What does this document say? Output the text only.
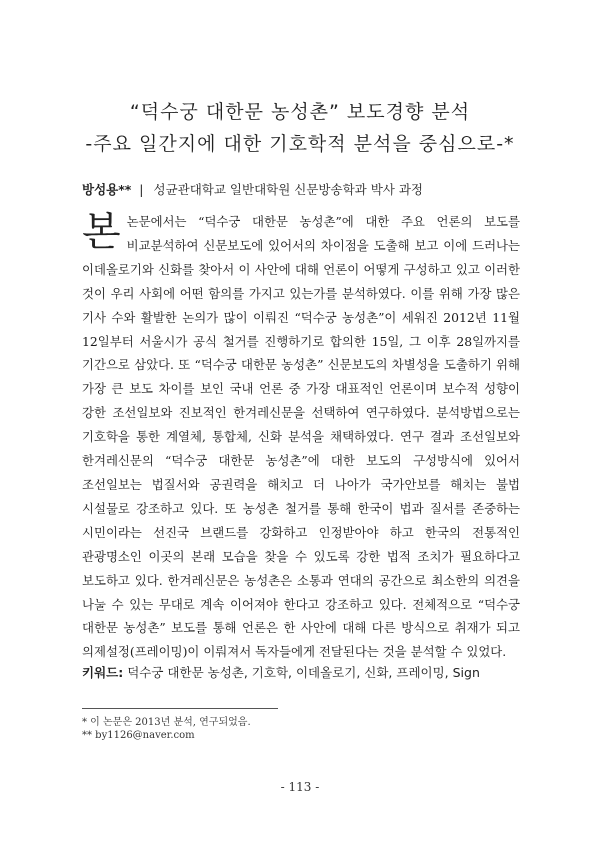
“덕수궁 대한문 농성촌” 보도경향 분석
-주요 일간지에 대한 기호학적 분석을 중심으로-*
방성용** | 성균관대학교 일반대학원 신문방송학과 박사 과정
본 논문에서는 “덕수궁 대한문 농성촌”에 대한 주요 언론의 보도를 비교분석하여 신문보도에 있어서의 차이점을 도출해 보고 이에 드러나는 이데올로기와 신화를 찾아서 이 사안에 대해 언론이 어떻게 구성하고 있고 이러한 것이 우리 사회에 어떤 함의를 가지고 있는가를 분석하였다. 이를 위해 가장 많은 기사 수와 활발한 논의가 많이 이뤄진 “덕수궁 농성촌”이 세워진 2012년 11월 12일부터 서울시가 공식 철거를 진행하기로 합의한 15일, 그 이후 28일까지를 기간으로 삼았다. 또 “덕수궁 대한문 농성촌” 신문보도의 차별성을 도출하기 위해 가장 큰 보도 차이를 보인 국내 언론 중 가장 대표적인 언론이며 보수적 성향이 강한 조선일보와 진보적인 한겨레신문을 선택하여 연구하였다. 분석방법으로는 기호학을 통한 계열체, 통합체, 신화 분석을 채택하였다. 연구 결과 조선일보와 한겨레신문의 “덕수궁 대한문 농성촌”에 대한 보도의 구성방식에 있어서 조선일보는 법질서와 공권력을 해치고 더 나아가 국가안보를 해치는 불법 시설물로 강조하고 있다. 또 농성촌 철거를 통해 한국이 법과 질서를 존중하는 시민이라는 선진국 브랜드를 강화하고 인정받아야 하고 한국의 전통적인 관광명소인 이곳의 본래 모습을 찾을 수 있도록 강한 법적 조치가 필요하다고 보도하고 있다. 한겨레신문은 농성촌은 소통과 연대의 공간으로 최소한의 의견을 나눌 수 있는 무대로 계속 이어져야 한다고 강조하고 있다. 전체적으로 “덕수궁 대한문 농성촌” 보도를 통해 언론은 한 사안에 대해 다른 방식으로 취재가 되고 의제설정(프레이밍)이 이뤄져서 독자들에게 전달된다는 것을 분석할 수 있었다.

키워드: 덕수궁 대한문 농성촌, 기호학, 이데올로기, 신화, 프레이밍, Sign
* 이 논문은 2013년 분석, 연구되었음.
** by1126@naver.com
- 113 -
